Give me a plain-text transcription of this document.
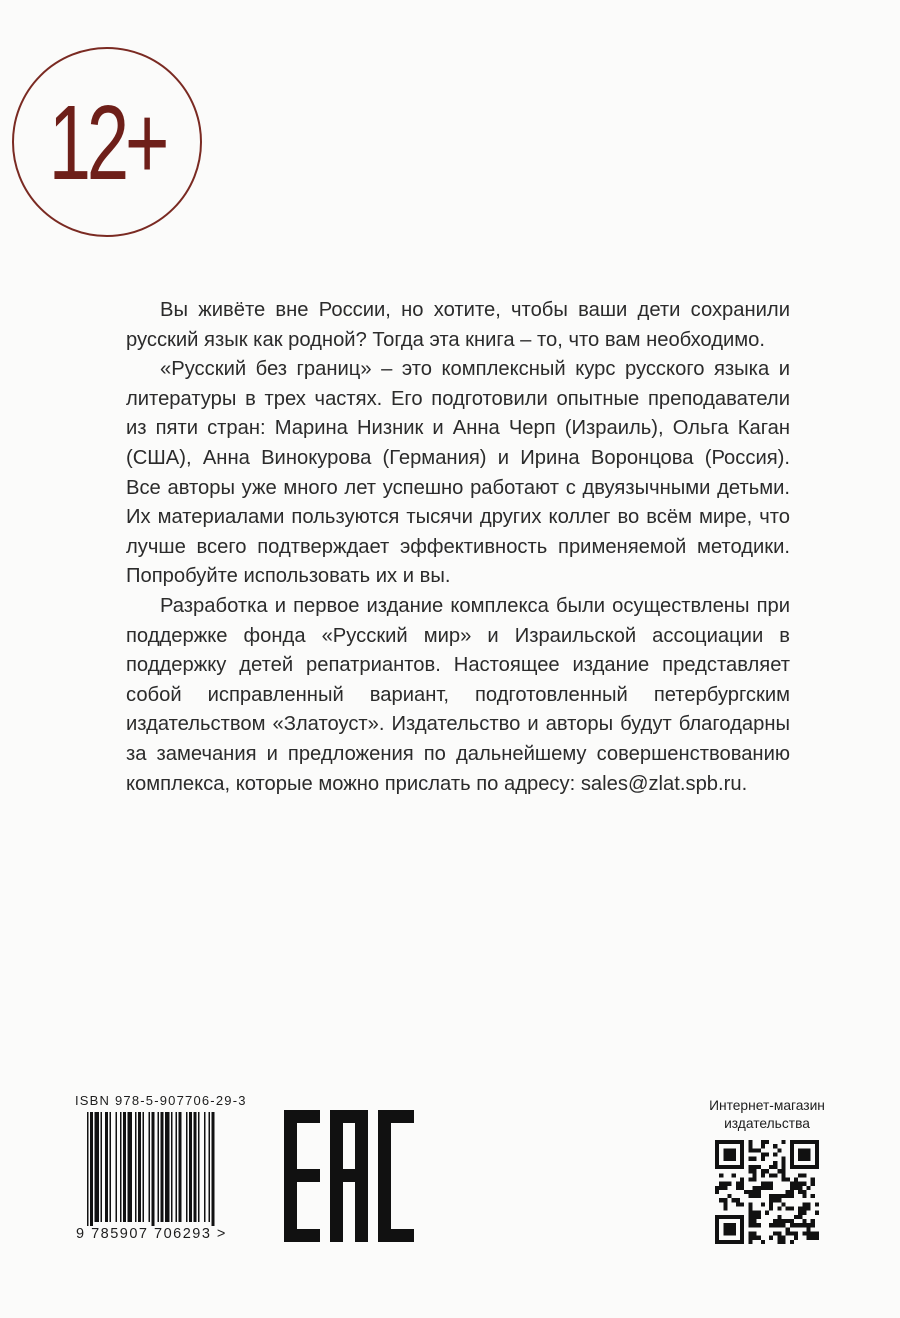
12+

Вы живёте вне России, но хотите, чтобы ваши дети сохранили русский язык как родной? Тогда эта книга – то, что вам необходимо.

«Русский без границ» – это комплексный курс русского языка и литературы в трех частях. Его подготовили опытные преподаватели из пяти стран: Марина Низник и Анна Черп (Израиль), Ольга Каган (США), Анна Винокурова (Германия) и Ирина Воронцова (Россия). Все авторы уже много лет успешно работают с двуязычными детьми. Их материалами пользуются тысячи других коллег во всём мире, что лучше всего подтверждает эффективность применяемой методики. Попробуйте использовать их и вы.

Разработка и первое издание комплекса были осуществлены при поддержке фонда «Русский мир» и Израильской ассоциации в поддержку детей репатриантов. Настоящее издание представляет собой исправленный вариант, подготовленный петербургским издательством «Златоуст». Издательство и авторы будут благодарны за замечания и предложения по дальнейшему совершенствованию комплекса, которые можно прислать по адресу: sales@zlat.spb.ru.

ISBN 978-5-907706-29-3
9 785907 706293 >
Интернет-магазин издательства
